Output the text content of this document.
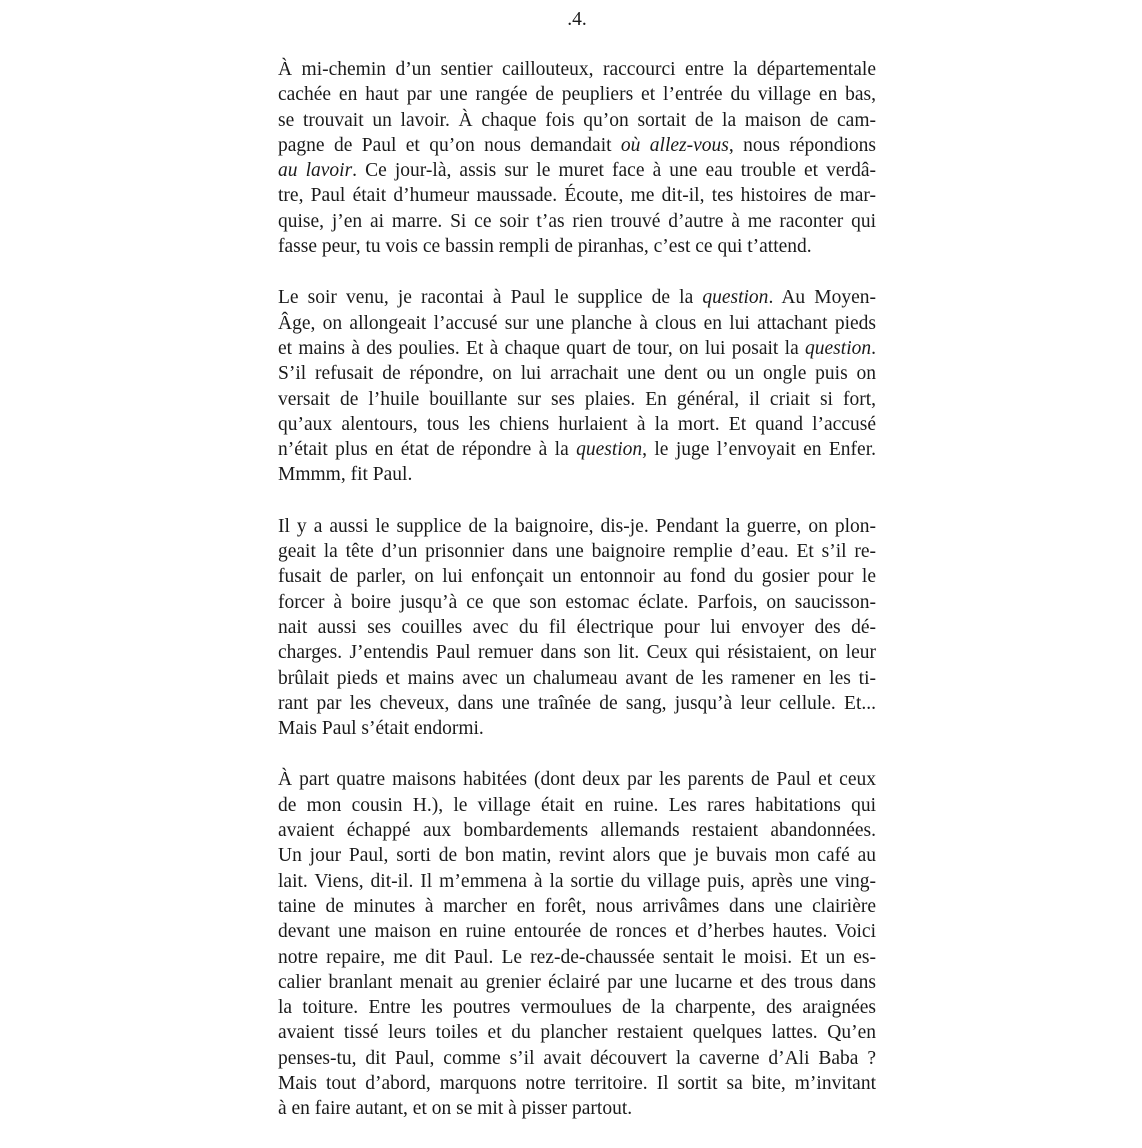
.4.
À mi-chemin d’un sentier caillouteux, raccourci entre la départementale
cachée en haut par une rangée de peupliers et l’entrée du village en bas,
se trouvait un lavoir. À chaque fois qu’on sortait de la maison de cam-
pagne de Paul et qu’on nous demandait où allez-vous, nous répondions
au lavoir. Ce jour-là, assis sur le muret face à une eau trouble et verdâ-
tre, Paul était d’humeur maussade. Écoute, me dit-il, tes histoires de mar-
quise, j’en ai marre. Si ce soir t’as rien trouvé d’autre à me raconter qui
fasse peur, tu vois ce bassin rempli de piranhas, c’est ce qui t’attend.
Le soir venu, je racontai à Paul le supplice de la question. Au Moyen-
Âge, on allongeait l’accusé sur une planche à clous en lui attachant pieds
et mains à des poulies. Et à chaque quart de tour, on lui posait la question.
S’il refusait de répondre, on lui arrachait une dent ou un ongle puis on
versait de l’huile bouillante sur ses plaies. En général, il criait si fort,
qu’aux alentours, tous les chiens hurlaient à la mort. Et quand l’accusé
n’était plus en état de répondre à la question, le juge l’envoyait en Enfer.
Mmmm, fit Paul.
Il y a aussi le supplice de la baignoire, dis-je. Pendant la guerre, on plon-
geait la tête d’un prisonnier dans une baignoire remplie d’eau. Et s’il re-
fusait de parler, on lui enfonçait un entonnoir au fond du gosier pour le
forcer à boire jusqu’à ce que son estomac éclate. Parfois, on saucisson-
nait aussi ses couilles avec du fil électrique pour lui envoyer des dé-
charges. J’entendis Paul remuer dans son lit. Ceux qui résistaient, on leur
brûlait pieds et mains avec un chalumeau avant de les ramener en les ti-
rant par les cheveux, dans une traînée de sang, jusqu’à leur cellule. Et...
Mais Paul s’était endormi.
À part quatre maisons habitées (dont deux par les parents de Paul et ceux
de mon cousin H.), le village était en ruine. Les rares habitations qui
avaient échappé aux bombardements allemands restaient abandonnées.
Un jour Paul, sorti de bon matin, revint alors que je buvais mon café au
lait. Viens, dit-il. Il m’emmena à la sortie du village puis, après une ving-
taine de minutes à marcher en forêt, nous arrivâmes dans une clairière
devant une maison en ruine entourée de ronces et d’herbes hautes. Voici
notre repaire, me dit Paul. Le rez-de-chaussée sentait le moisi. Et un es-
calier branlant menait au grenier éclairé par une lucarne et des trous dans
la toiture. Entre les poutres vermoulues de la charpente, des araignées
avaient tissé leurs toiles et du plancher restaient quelques lattes. Qu’en
penses-tu, dit Paul, comme s’il avait découvert la caverne d’Ali Baba ?
Mais tout d’abord, marquons notre territoire. Il sortit sa bite, m’invitant
à en faire autant, et on se mit à pisser partout.
